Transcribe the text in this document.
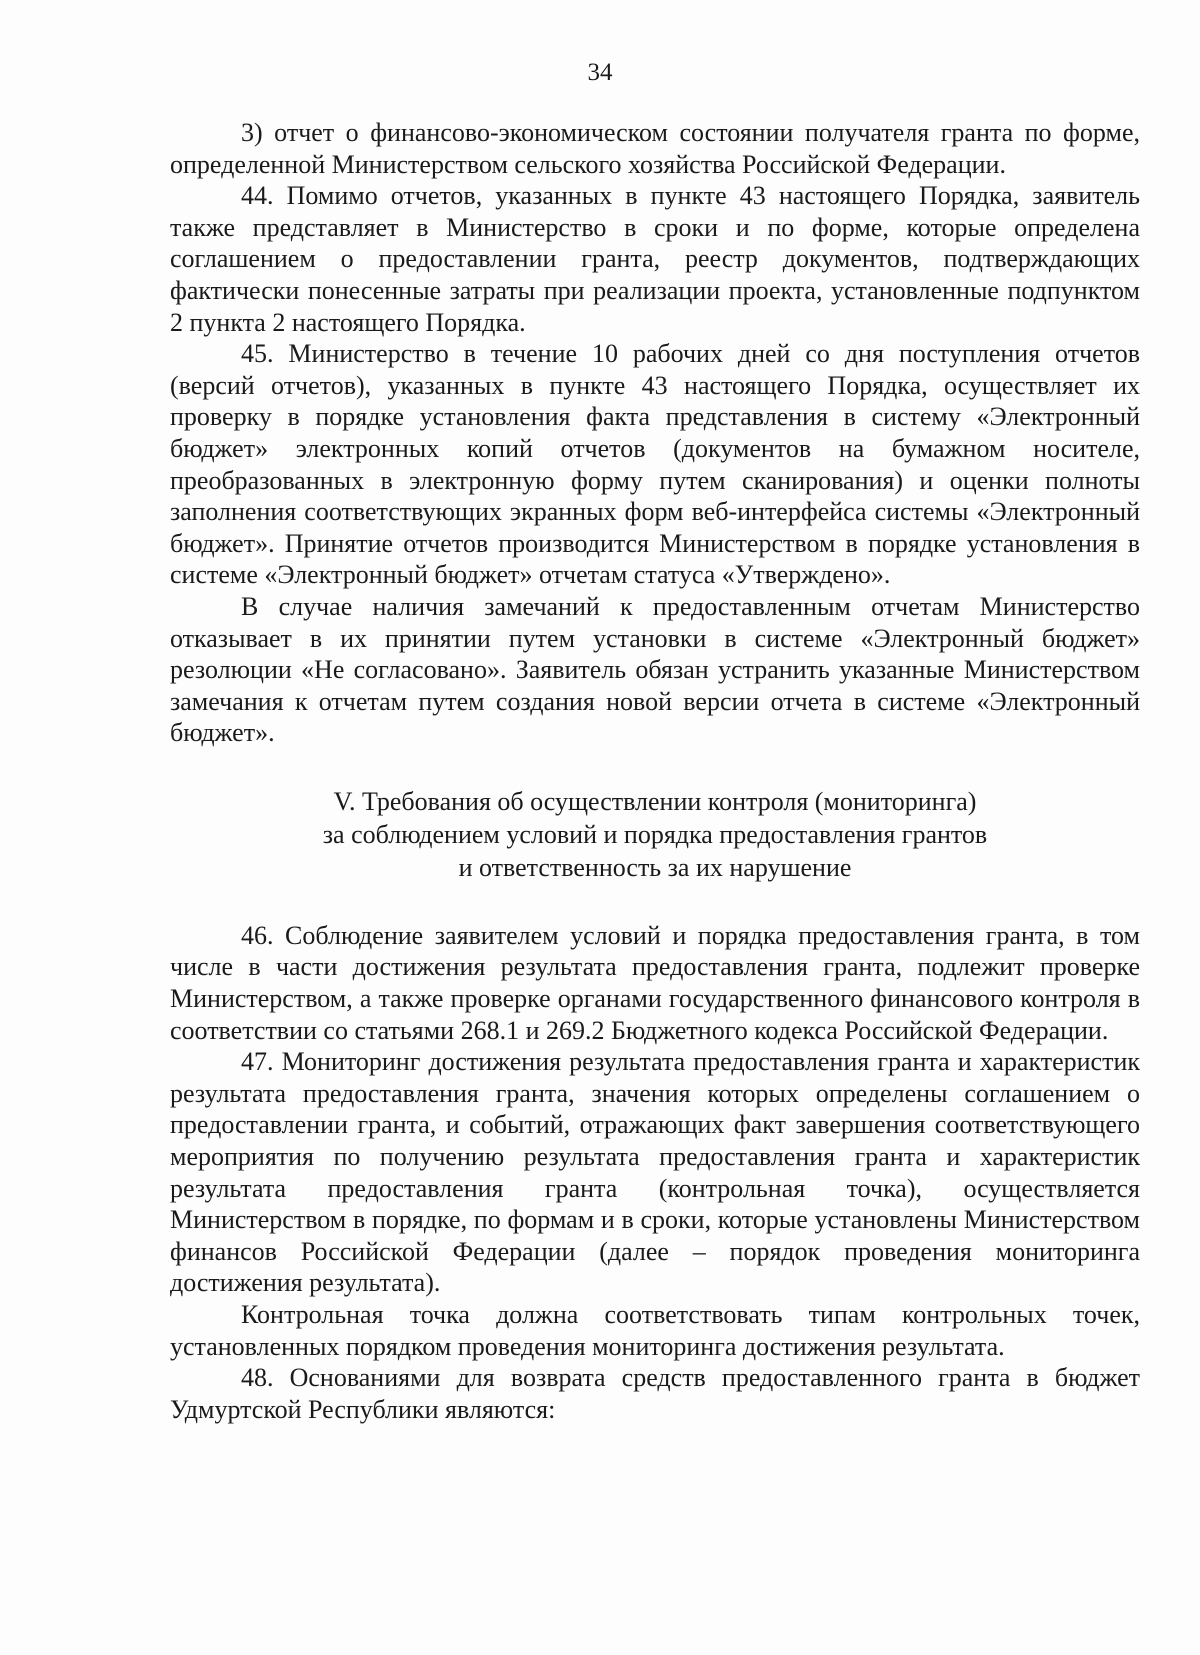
34

3) отчет о финансово-экономическом состоянии получателя гранта по форме, определенной Министерством сельского хозяйства Российской Федерации.

44. Помимо отчетов, указанных в пункте 43 настоящего Порядка, заявитель также представляет в Министерство в сроки и по форме, которые определена соглашением о предоставлении гранта, реестр документов, подтверждающих фактически понесенные затраты при реализации проекта, установленные подпунктом 2 пункта 2 настоящего Порядка.

45. Министерство в течение 10 рабочих дней со дня поступления отчетов (версий отчетов), указанных в пункте 43 настоящего Порядка, осуществляет их проверку в порядке установления факта представления в систему «Электронный бюджет» электронных копий отчетов (документов на бумажном носителе, преобразованных в электронную форму путем сканирования) и оценки полноты заполнения соответствующих экранных форм веб-интерфейса системы «Электронный бюджет». Принятие отчетов производится Министерством в порядке установления в системе «Электронный бюджет» отчетам статуса «Утверждено».

В случае наличия замечаний к предоставленным отчетам Министерство отказывает в их принятии путем установки в системе «Электронный бюджет» резолюции «Не согласовано». Заявитель обязан устранить указанные Министерством замечания к отчетам путем создания новой версии отчета в системе «Электронный бюджет».

V. Требования об осуществлении контроля (мониторинга)
за соблюдением условий и порядка предоставления грантов
и ответственность за их нарушение

46. Соблюдение заявителем условий и порядка предоставления гранта, в том числе в части достижения результата предоставления гранта, подлежит проверке Министерством, а также проверке органами государственного финансового контроля в соответствии со статьями 268.1 и 269.2 Бюджетного кодекса Российской Федерации.

47. Мониторинг достижения результата предоставления гранта и характеристик результата предоставления гранта, значения которых определены соглашением о предоставлении гранта, и событий, отражающих факт завершения соответствующего мероприятия по получению результата предоставления гранта и характеристик результата предоставления гранта (контрольная точка), осуществляется Министерством в порядке, по формам и в сроки, которые установлены Министерством финансов Российской Федерации (далее – порядок проведения мониторинга достижения результата).

Контрольная точка должна соответствовать типам контрольных точек, установленных порядком проведения мониторинга достижения результата.

48. Основаниями для возврата средств предоставленного гранта в бюджет Удмуртской Республики являются:
